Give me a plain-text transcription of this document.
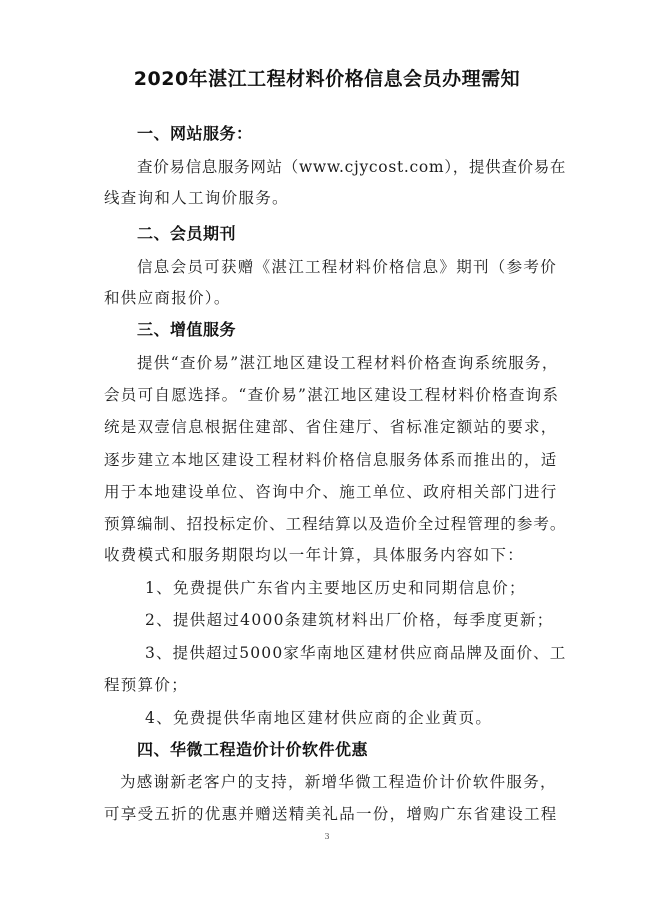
2020年湛江工程材料价格信息会员办理需知
一、网站服务：
查价易信息服务网站（www.cjycost.com），提供查价易在
线查询和人工询价服务。
二、会员期刊
信息会员可获赠《湛江工程材料价格信息》期刊（参考价
和供应商报价）。
三、增值服务
提供“查价易”湛江地区建设工程材料价格查询系统服务，
会员可自愿选择。“查价易”湛江地区建设工程材料价格查询系
统是双壹信息根据住建部、省住建厅、省标准定额站的要求，
逐步建立本地区建设工程材料价格信息服务体系而推出的，适
用于本地建设单位、咨询中介、施工单位、政府相关部门进行
预算编制、招投标定价、工程结算以及造价全过程管理的参考。
收费模式和服务期限均以一年计算，具体服务内容如下：
1、免费提供广东省内主要地区历史和同期信息价；
2、提供超过4000条建筑材料出厂价格，每季度更新；
3、提供超过5000家华南地区建材供应商品牌及面价、工
程预算价；
4、免费提供华南地区建材供应商的企业黄页。
四、华微工程造价计价软件优惠
为感谢新老客户的支持，新增华微工程造价计价软件服务，
可享受五折的优惠并赠送精美礼品一份，增购广东省建设工程
3
